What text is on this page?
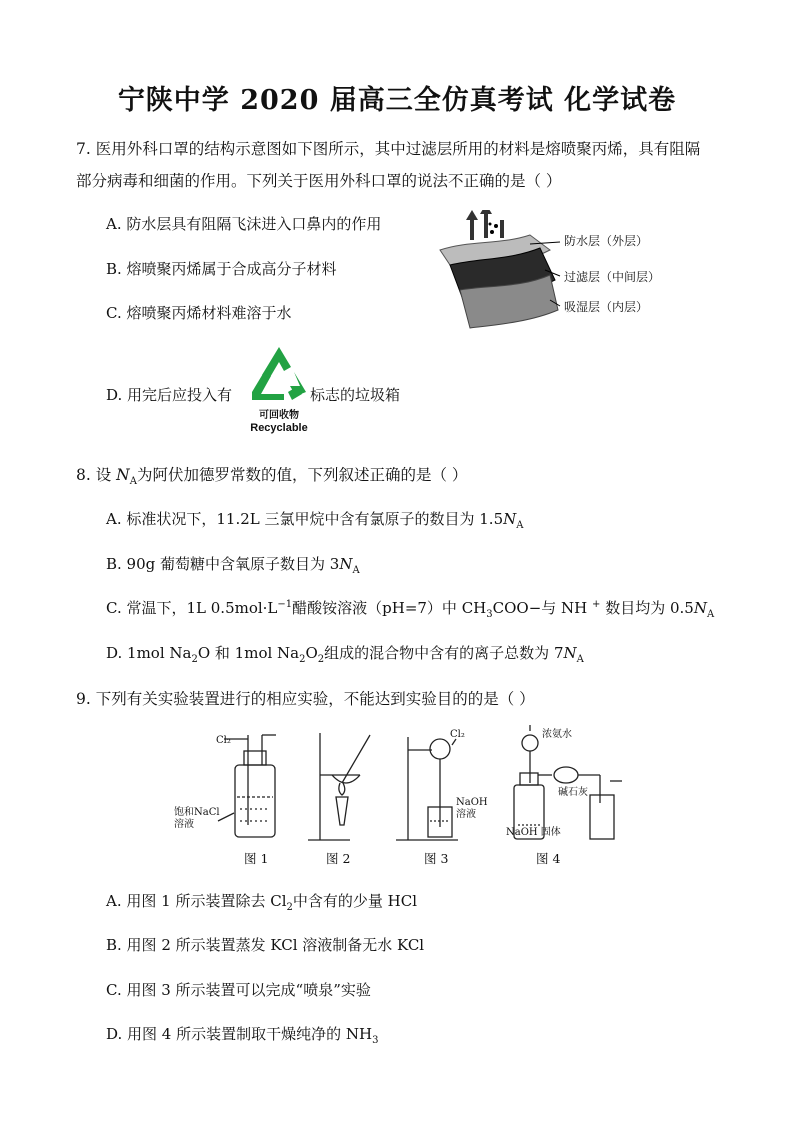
宁陕中学 2020 届高三全仿真考试 化学试卷
7. 医用外科口罩的结构示意图如下图所示，其中过滤层所用的材料是熔喷聚丙烯，具有阻隔
部分病毒和细菌的作用。下列关于医用外科口罩的说法不正确的是（ ）
A. 防水层具有阻隔飞沫进入口鼻内的作用
B. 熔喷聚丙烯属于合成高分子材料
C. 熔喷聚丙烯材料难溶于水
D. 用完后应投入有	标志的垃圾箱
可回收物
Recyclable
防水层（外层）
过滤层（中间层）
吸湿层（内层）
8. 设 $N_A$为阿伏加德罗常数的值，下列叙述正确的是（ ）
A. 标准状况下，11.2L 三氯甲烷中含有氯原子的数目为 $1.5N_A$
B. 90g 葡萄糖中含氧原子数目为 $3N_A$
C. 常温下，1L $0.5mol\cdot L^{-1}$醋酸铵溶液（pH=7）中 $CH_3COO-$与 NH + 数目均为 $0.5N_A$
D. 1mol $Na_2O$ 和 1mol $Na_2O_2$组成的混合物中含有的离子总数为 $7N_A$
9. 下列有关实验装置进行的相应实验，不能达到实验目的的是（ ）
Cl₂
饱和NaCl
溶液
Cl₂
NaOH
溶液
浓氨水
碱石灰
NaOH 固体
图 1	图 2	图 3	图 4
A. 用图 1 所示装置除去 $Cl_2$中含有的少量 HCl
B. 用图 2 所示装置蒸发 KCl 溶液制备无水 KCl
C. 用图 3 所示装置可以完成“喷泉”实验
D. 用图 4 所示装置制取干燥纯净的 $NH_3$
